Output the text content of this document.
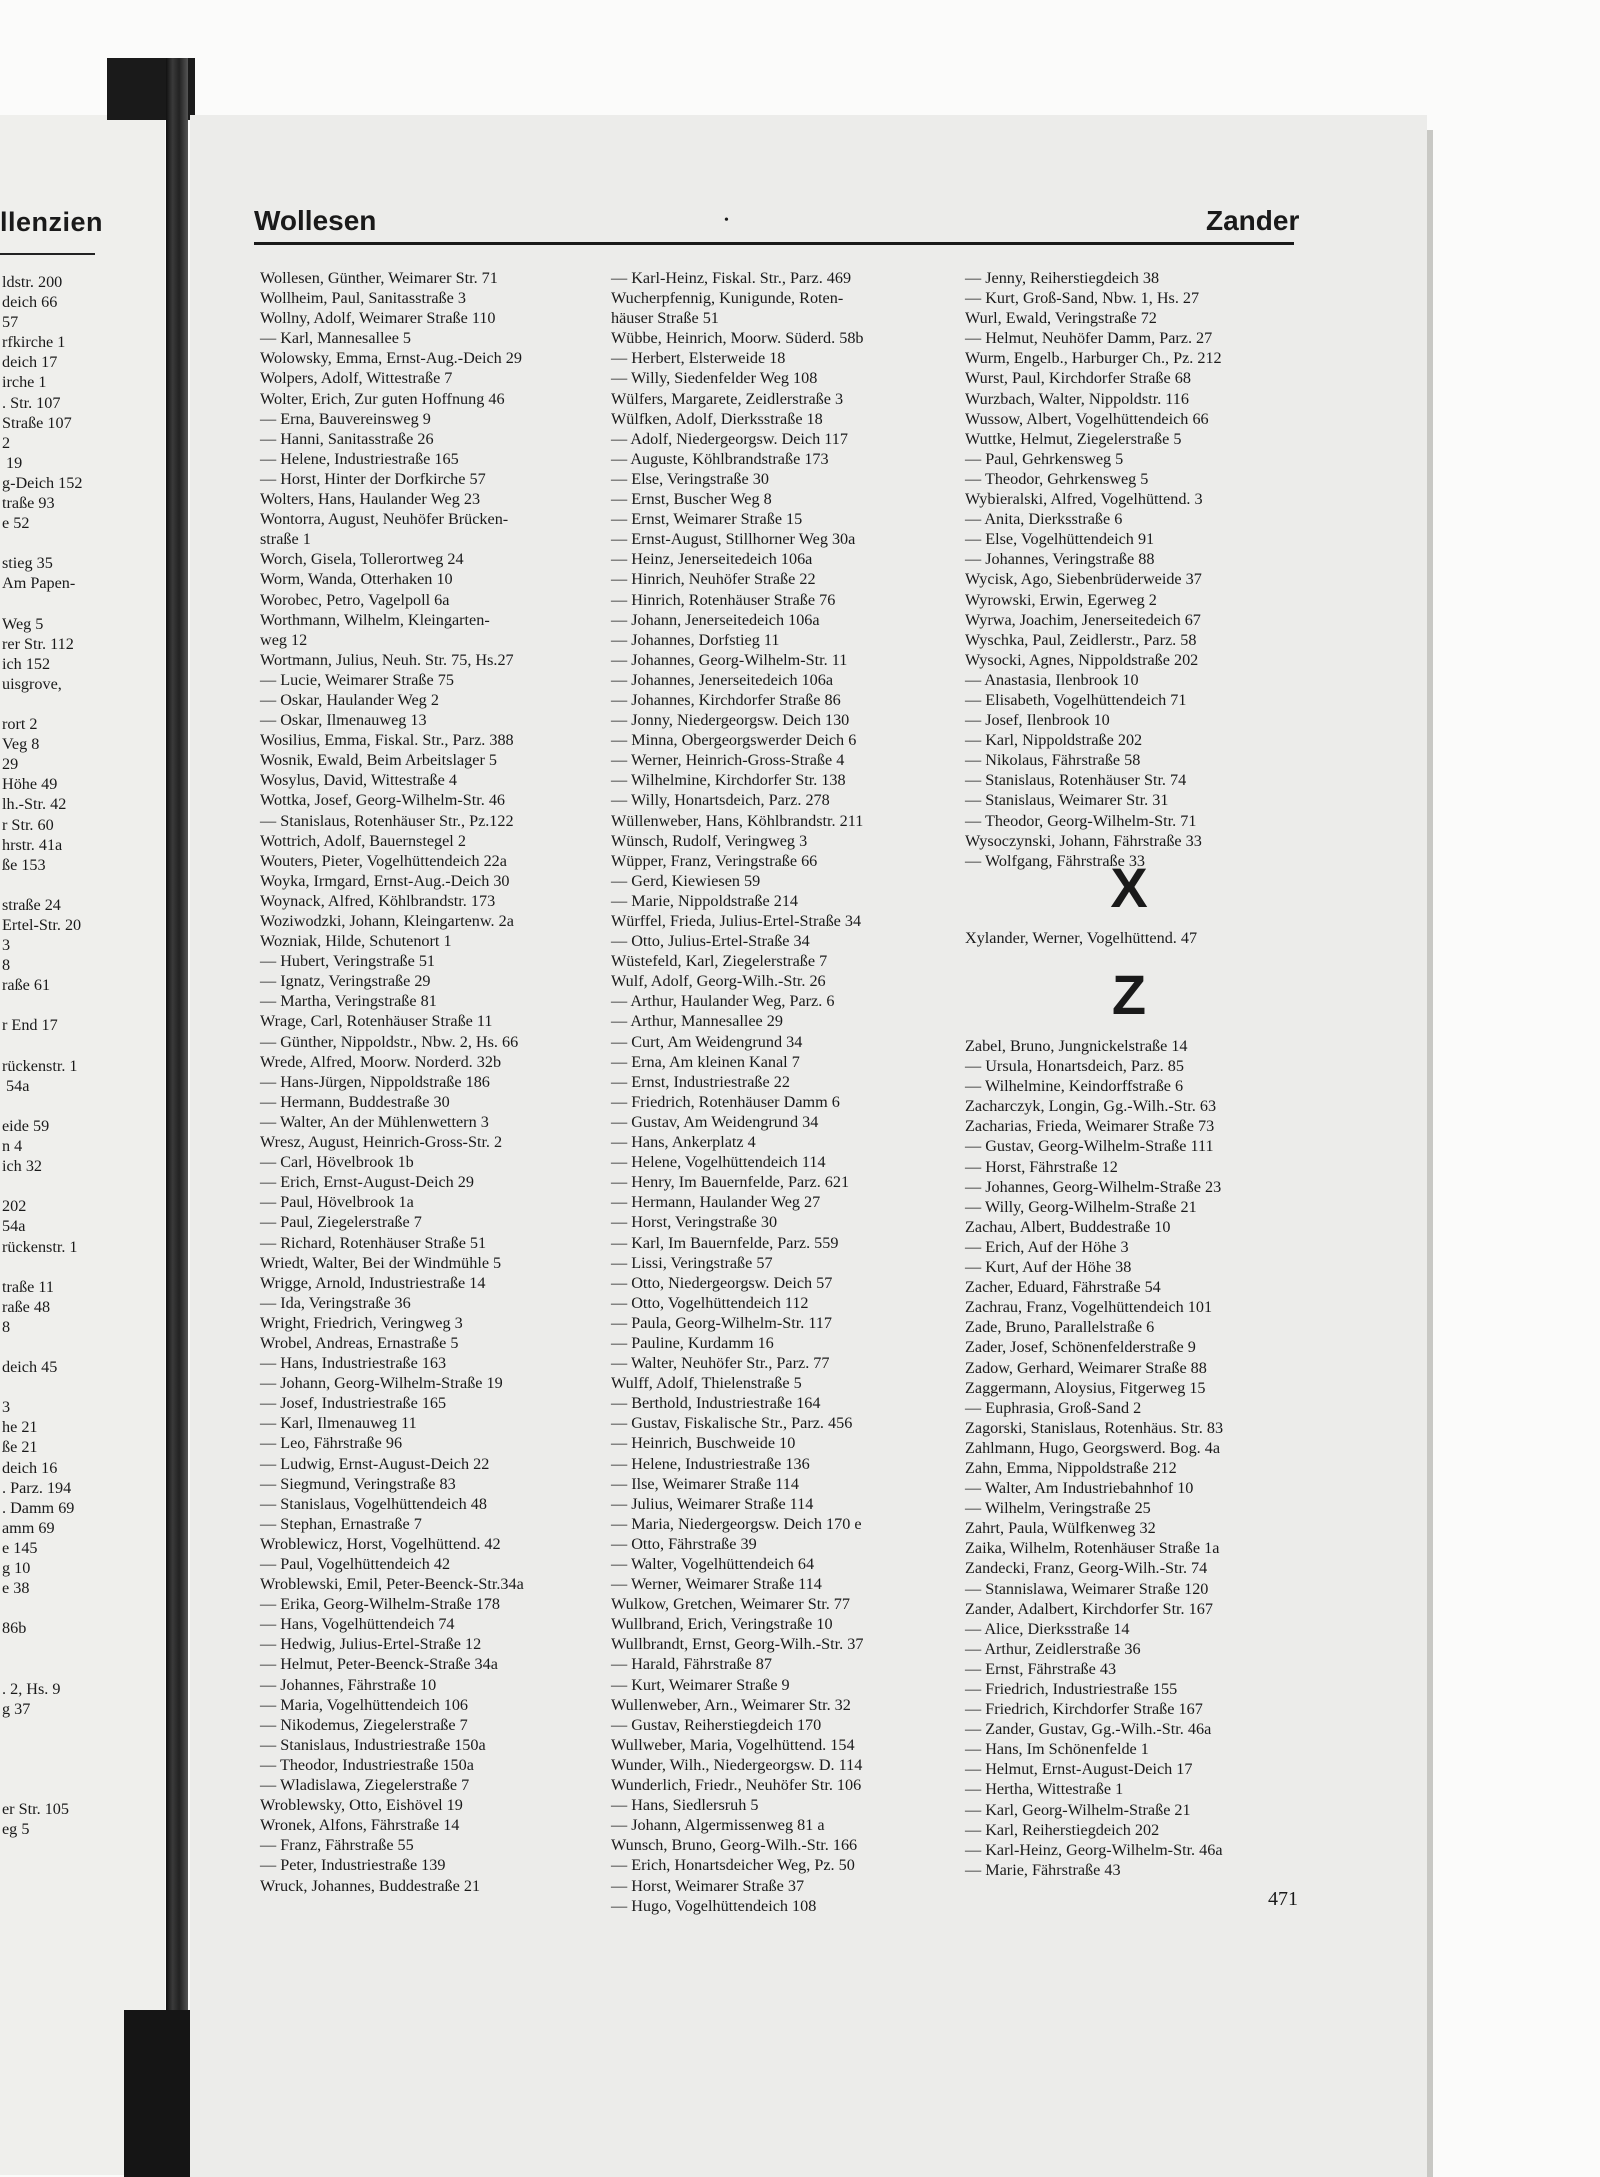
llenzien
ldstr. 200
deich 66
57
rfkirche 1
deich 17
irche 1
. Str. 107
Straße 107
2
19
g-Deich 152
traße 93
e 52

stieg 35
Am Papen-

Weg 5
rer Str. 112
ich 152
uisgrove,

rort 2
Veg 8
29
Höhe 49
lh.-Str. 42
r Str. 60
hrstr. 41a
ße 153

straße 24
Ertel-Str. 20
3
8
raße 61

r End 17

rückenstr. 1
54a

eide 59
n 4
ich 32

202
54a
rückenstr. 1

traße 11
raße 48
8

deich 45

3
he 21
ße 21
deich 16
. Parz. 194
. Damm 69
amm 69
e 145
g 10
e 38

86b

. 2, Hs. 9
g 37

er Str. 105
eg 5
Wollesen	•	Zander
Wollesen, Günther, Weimarer Str. 71
Wollheim, Paul, Sanitasstraße 3
Wollny, Adolf, Weimarer Straße 110
— Karl, Mannesallee 5
Wolowsky, Emma, Ernst-Aug.-Deich 29
Wolpers, Adolf, Wittestraße 7
Wolter, Erich, Zur guten Hoffnung 46
— Erna, Bauvereinsweg 9
— Hanni, Sanitasstraße 26
— Helene, Industriestraße 165
— Horst, Hinter der Dorfkirche 57
Wolters, Hans, Haulander Weg 23
Wontorra, August, Neuhöfer Brücken-
straße 1
Worch, Gisela, Tollerortweg 24
Worm, Wanda, Otterhaken 10
Worobec, Petro, Vagelpoll 6a
Worthmann, Wilhelm, Kleingarten-
weg 12
Wortmann, Julius, Neuh. Str. 75, Hs.27
— Lucie, Weimarer Straße 75
— Oskar, Haulander Weg 2
— Oskar, Ilmenauweg 13
Wosilius, Emma, Fiskal. Str., Parz. 388
Wosnik, Ewald, Beim Arbeitslager 5
Wosylus, David, Wittestraße 4
Wottka, Josef, Georg-Wilhelm-Str. 46
— Stanislaus, Rotenhäuser Str., Pz.122
Wottrich, Adolf, Bauernstegel 2
Wouters, Pieter, Vogelhüttendeich 22a
Woyka, Irmgard, Ernst-Aug.-Deich 30
Woynack, Alfred, Köhlbrandstr. 173
Woziwodzki, Johann, Kleingartenw. 2a
Wozniak, Hilde, Schutenort 1
— Hubert, Veringstraße 51
— Ignatz, Veringstraße 29
— Martha, Veringstraße 81
Wrage, Carl, Rotenhäuser Straße 11
— Günther, Nippoldstr., Nbw. 2, Hs. 66
Wrede, Alfred, Moorw. Norderd. 32b
— Hans-Jürgen, Nippoldstraße 186
— Hermann, Buddestraße 30
— Walter, An der Mühlenwettern 3
Wresz, August, Heinrich-Gross-Str. 2
— Carl, Hövelbrook 1b
— Erich, Ernst-August-Deich 29
— Paul, Hövelbrook 1a
— Paul, Ziegelerstraße 7
— Richard, Rotenhäuser Straße 51
Wriedt, Walter, Bei der Windmühle 5
Wrigge, Arnold, Industriestraße 14
— Ida, Veringstraße 36
Wright, Friedrich, Veringweg 3
Wrobel, Andreas, Ernastraße 5
— Hans, Industriestraße 163
— Johann, Georg-Wilhelm-Straße 19
— Josef, Industriestraße 165
— Karl, Ilmenauweg 11
— Leo, Fährstraße 96
— Ludwig, Ernst-August-Deich 22
— Siegmund, Veringstraße 83
— Stanislaus, Vogelhüttendeich 48
— Stephan, Ernastraße 7
Wroblewicz, Horst, Vogelhüttend. 42
— Paul, Vogelhüttendeich 42
Wroblewski, Emil, Peter-Beenck-Str.34a
— Erika, Georg-Wilhelm-Straße 178
— Hans, Vogelhüttendeich 74
— Hedwig, Julius-Ertel-Straße 12
— Helmut, Peter-Beenck-Straße 34a
— Johannes, Fährstraße 10
— Maria, Vogelhüttendeich 106
— Nikodemus, Ziegelerstraße 7
— Stanislaus, Industriestraße 150a
— Theodor, Industriestraße 150a
— Wladislawa, Ziegelerstraße 7
Wroblewsky, Otto, Eishövel 19
Wronek, Alfons, Fährstraße 14
— Franz, Fährstraße 55
— Peter, Industriestraße 139
Wruck, Johannes, Buddestraße 21
— Karl-Heinz, Fiskal. Str., Parz. 469
Wucherpfennig, Kunigunde, Roten-
häuser Straße 51
Wübbe, Heinrich, Moorw. Süderd. 58b
— Herbert, Elsterweide 18
— Willy, Siedenfelder Weg 108
Wülfers, Margarete, Zeidlerstraße 3
Wülfken, Adolf, Dierksstraße 18
— Adolf, Niedergeorgsw. Deich 117
— Auguste, Köhlbrandstraße 173
— Else, Veringstraße 30
— Ernst, Buscher Weg 8
— Ernst, Weimarer Straße 15
— Ernst-August, Stillhorner Weg 30a
— Heinz, Jenerseitedeich 106a
— Hinrich, Neuhöfer Straße 22
— Hinrich, Rotenhäuser Straße 76
— Johann, Jenerseitedeich 106a
— Johannes, Dorfstieg 11
— Johannes, Georg-Wilhelm-Str. 11
— Johannes, Jenerseitedeich 106a
— Johannes, Kirchdorfer Straße 86
— Jonny, Niedergeorgsw. Deich 130
— Minna, Obergeorgswerder Deich 6
— Werner, Heinrich-Gross-Straße 4
— Wilhelmine, Kirchdorfer Str. 138
— Willy, Honartsdeich, Parz. 278
Wüllenweber, Hans, Köhlbrandstr. 211
Wünsch, Rudolf, Veringweg 3
Wüpper, Franz, Veringstraße 66
— Gerd, Kiewiesen 59
— Marie, Nippoldstraße 214
Würffel, Frieda, Julius-Ertel-Straße 34
— Otto, Julius-Ertel-Straße 34
Wüstefeld, Karl, Ziegelerstraße 7
Wulf, Adolf, Georg-Wilh.-Str. 26
— Arthur, Haulander Weg, Parz. 6
— Arthur, Mannesallee 29
— Curt, Am Weidengrund 34
— Erna, Am kleinen Kanal 7
— Ernst, Industriestraße 22
— Friedrich, Rotenhäuser Damm 6
— Gustav, Am Weidengrund 34
— Hans, Ankerplatz 4
— Helene, Vogelhüttendeich 114
— Henry, Im Bauernfelde, Parz. 621
— Hermann, Haulander Weg 27
— Horst, Veringstraße 30
— Karl, Im Bauernfelde, Parz. 559
— Lissi, Veringstraße 57
— Otto, Niedergeorgsw. Deich 57
— Otto, Vogelhüttendeich 112
— Paula, Georg-Wilhelm-Str. 117
— Pauline, Kurdamm 16
— Walter, Neuhöfer Str., Parz. 77
Wulff, Adolf, Thielenstraße 5
— Berthold, Industriestraße 164
— Gustav, Fiskalische Str., Parz. 456
— Heinrich, Buschweide 10
— Helene, Industriestraße 136
— Ilse, Weimarer Straße 114
— Julius, Weimarer Straße 114
— Maria, Niedergeorgsw. Deich 170 e
— Otto, Fährstraße 39
— Walter, Vogelhüttendeich 64
— Werner, Weimarer Straße 114
Wulkow, Gretchen, Weimarer Str. 77
Wullbrand, Erich, Veringstraße 10
Wullbrandt, Ernst, Georg-Wilh.-Str. 37
— Harald, Fährstraße 87
— Kurt, Weimarer Straße 9
Wullenweber, Arn., Weimarer Str. 32
— Gustav, Reiherstiegdeich 170
Wullweber, Maria, Vogelhüttend. 154
Wunder, Wilh., Niedergeorgsw. D. 114
Wunderlich, Friedr., Neuhöfer Str. 106
— Hans, Siedlersruh 5
— Johann, Algermissenweg 81 a
Wunsch, Bruno, Georg-Wilh.-Str. 166
— Erich, Honartsdeicher Weg, Pz. 50
— Horst, Weimarer Straße 37
— Hugo, Vogelhüttendeich 108
— Jenny, Reiherstiegdeich 38
— Kurt, Groß-Sand, Nbw. 1, Hs. 27
Wurl, Ewald, Veringstraße 72
— Helmut, Neuhöfer Damm, Parz. 27
Wurm, Engelb., Harburger Ch., Pz. 212
Wurst, Paul, Kirchdorfer Straße 68
Wurzbach, Walter, Nippoldstr. 116
Wussow, Albert, Vogelhüttendeich 66
Wuttke, Helmut, Ziegelerstraße 5
— Paul, Gehrkensweg 5
— Theodor, Gehrkensweg 5
Wybieralski, Alfred, Vogelhüttend. 3
— Anita, Dierksstraße 6
— Else, Vogelhüttendeich 91
— Johannes, Veringstraße 88
Wycisk, Ago, Siebenbrüderweide 37
Wyrowski, Erwin, Egerweg 2
Wyrwa, Joachim, Jenerseitedeich 67
Wyschka, Paul, Zeidlerstr., Parz. 58
Wysocki, Agnes, Nippoldstraße 202
— Anastasia, Ilenbrook 10
— Elisabeth, Vogelhüttendeich 71
— Josef, Ilenbrook 10
— Karl, Nippoldstraße 202
— Nikolaus, Fährstraße 58
— Stanislaus, Rotenhäuser Str. 74
— Stanislaus, Weimarer Str. 31
— Theodor, Georg-Wilhelm-Str. 71
Wysoczynski, Johann, Fährstraße 33
— Wolfgang, Fährstraße 33
X
Xylander, Werner, Vogelhüttend. 47
Z
Zabel, Bruno, Jungnickelstraße 14
— Ursula, Honartsdeich, Parz. 85
— Wilhelmine, Keindorffstraße 6
Zacharczyk, Longin, Gg.-Wilh.-Str. 63
Zacharias, Frieda, Weimarer Straße 73
— Gustav, Georg-Wilhelm-Straße 111
— Horst, Fährstraße 12
— Johannes, Georg-Wilhelm-Straße 23
— Willy, Georg-Wilhelm-Straße 21
Zachau, Albert, Buddestraße 10
— Erich, Auf der Höhe 3
— Kurt, Auf der Höhe 38
Zacher, Eduard, Fährstraße 54
Zachrau, Franz, Vogelhüttendeich 101
Zade, Bruno, Parallelstraße 6
Zader, Josef, Schönenfelderstraße 9
Zadow, Gerhard, Weimarer Straße 88
Zaggermann, Aloysius, Fitgerweg 15
— Euphrasia, Groß-Sand 2
Zagorski, Stanislaus, Rotenhäus. Str. 83
Zahlmann, Hugo, Georgswerd. Bog. 4a
Zahn, Emma, Nippoldstraße 212
— Walter, Am Industriebahnhof 10
— Wilhelm, Veringstraße 25
Zahrt, Paula, Wülfkenweg 32
Zaika, Wilhelm, Rotenhäuser Straße 1a
Zandecki, Franz, Georg-Wilh.-Str. 74
— Stannislawa, Weimarer Straße 120
Zander, Adalbert, Kirchdorfer Str. 167
— Alice, Dierksstraße 14
— Arthur, Zeidlerstraße 36
— Ernst, Fährstraße 43
— Friedrich, Industriestraße 155
— Friedrich, Kirchdorfer Straße 167
— Zander, Gustav, Gg.-Wilh.-Str. 46a
— Hans, Im Schönenfelde 1
— Helmut, Ernst-August-Deich 17
— Hertha, Wittestraße 1
— Karl, Georg-Wilhelm-Straße 21
— Karl, Reiherstiegdeich 202
— Karl-Heinz, Georg-Wilhelm-Str. 46a
— Marie, Fährstraße 43
471
